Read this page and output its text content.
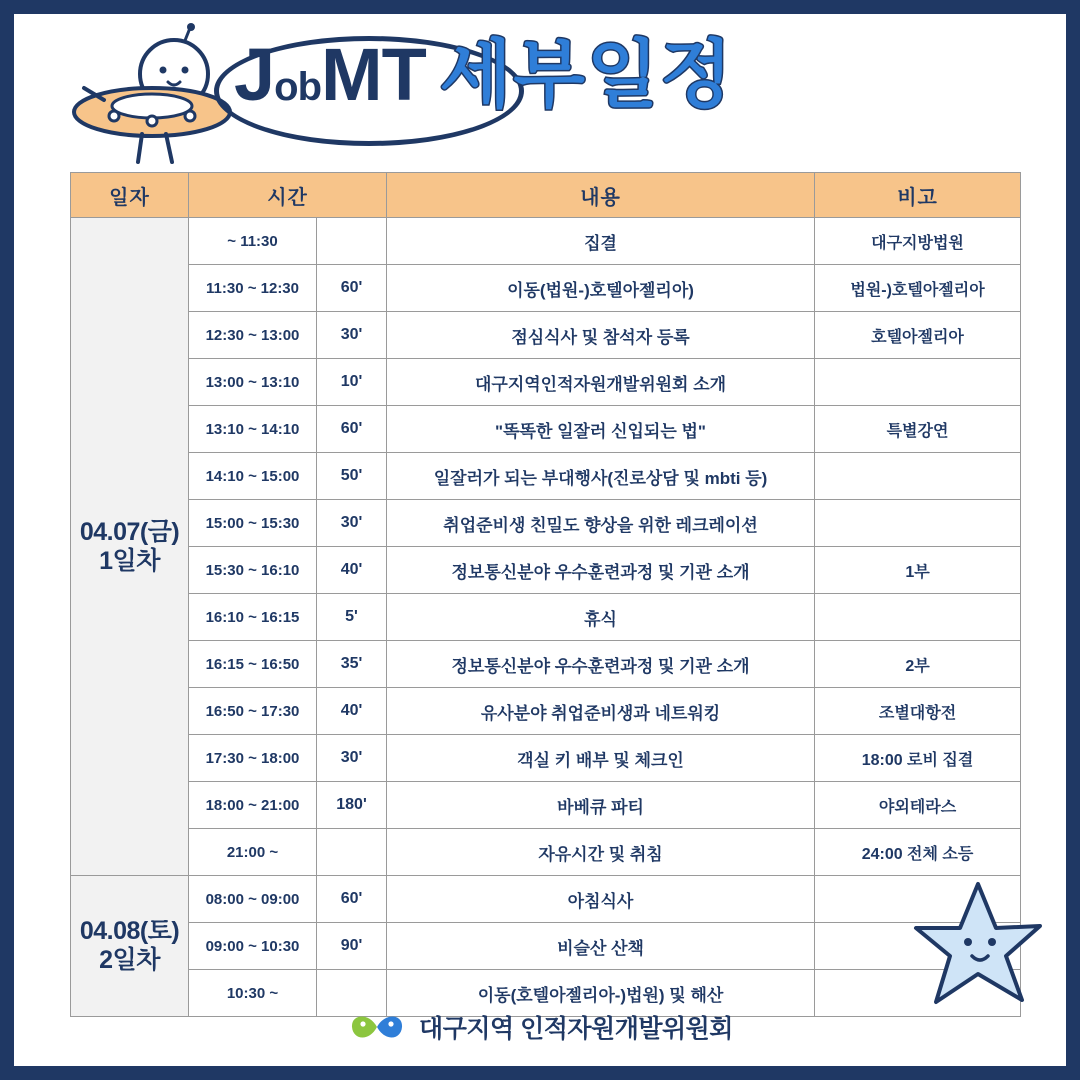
JobMT 세부일정
일자	시간		내용	비고
04.07(금)
1일차	~ 11:30		집결	대구지방법원
	11:30 ~ 12:30	60'	이동(법원-)호텔아젤리아)	법원-)호텔아젤리아
	12:30 ~ 13:00	30'	점심식사 및 참석자 등록	호텔아젤리아
	13:00 ~ 13:10	10'	대구지역인적자원개발위원회 소개	
	13:10 ~ 14:10	60'	"똑똑한 일잘러 신입되는 법"	특별강연
	14:10 ~ 15:00	50'	일잘러가 되는 부대행사(진로상담 및 mbti 등)	
	15:00 ~ 15:30	30'	취업준비생 친밀도 향상을 위한 레크레이션	
	15:30 ~ 16:10	40'	정보통신분야 우수훈련과정 및 기관 소개	1부
	16:10 ~ 16:15	5'	휴식	
	16:15 ~ 16:50	35'	정보통신분야 우수훈련과정 및 기관 소개	2부
	16:50 ~ 17:30	40'	유사분야 취업준비생과 네트워킹	조별대항전
	17:30 ~ 18:00	30'	객실 키 배부 및 체크인	18:00 로비 집결
	18:00 ~ 21:00	180'	바베큐 파티	야외테라스
	21:00 ~		자유시간 및 취침	24:00 전체 소등
04.08(토)
2일차	08:00 ~ 09:00	60'	아침식사	
	09:00 ~ 10:30	90'	비슬산 산책	
	10:30 ~		이동(호텔아젤리아-)법원) 및 해산	
대구지역 인적자원개발위원회
